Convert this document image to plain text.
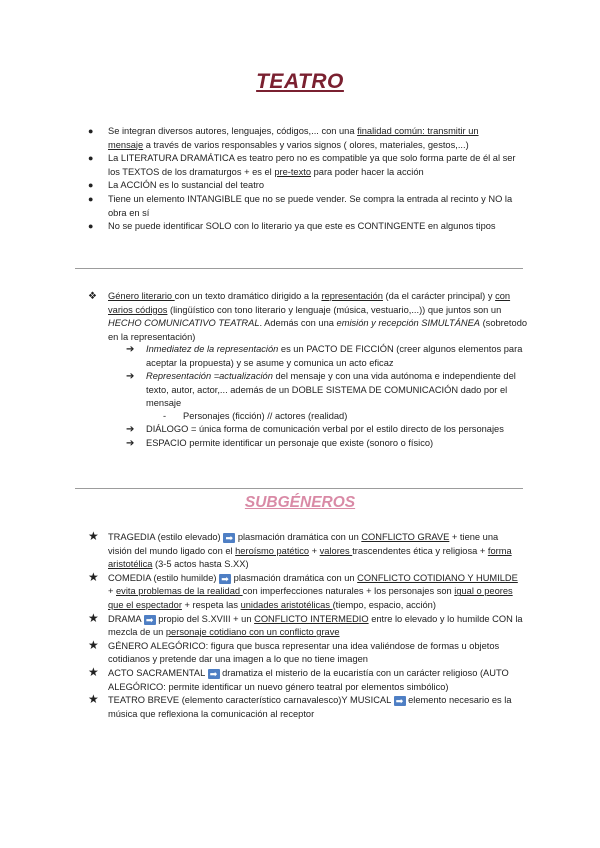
TEATRO
● Se integran diversos autores, lenguajes, códigos,... con una finalidad común: transmitir un mensaje a través de varios responsables y varios signos ( olores, materiales, gestos,...)
● La LITERATURA DRAMÁTICA es teatro pero no es compatible ya que solo forma parte de él al ser los TEXTOS de los dramaturgos + es el pre-texto para poder hacer la acción
● La ACCIÓN es lo sustancial del teatro
● Tiene un elemento INTANGIBLE que no se puede vender. Se compra la entrada al recinto y NO la obra en sí
● No se puede identificar SOLO con lo literario ya que este es CONTINGENTE en algunos tipos
❖ Género literario con un texto dramático dirigido a la representación (da el carácter principal) y con varios códigos (lingüístico con tono literario y lenguaje (música, vestuario,...)) que juntos son un HECHO COMUNICATIVO TEATRAL. Además con una emisión y recepción SIMULTÁNEA (sobretodo en la representación)
➔ Inmediatez de la representación es un PACTO DE FICCIÓN (creer algunos elementos para aceptar la propuesta) y se asume y comunica un acto eficaz
➔ Representación =actualización del mensaje y con una vida autónoma e independiente del texto, autor, actor,... además de un DOBLE SISTEMA DE COMUNICACIÓN dado por el mensaje
- Personajes (ficción) // actores (realidad)
➔ DIÁLOGO = única forma de comunicación verbal por el estilo directo de los personajes
➔ ESPACIO permite identificar un personaje que existe (sonoro o físico)
SUBGÉNEROS
★ TRAGEDIA (estilo elevado) ➡ plasmación dramática con un CONFLICTO GRAVE + tiene una visión del mundo ligado con el heroísmo patético + valores trascendentes ética y religiosa + forma aristotélica (3-5 actos hasta S.XX)
★ COMEDIA (estilo humilde) ➡ plasmación dramática con un CONFLICTO COTIDIANO Y HUMILDE + evita problemas de la realidad con imperfecciones naturales + los personajes son igual o peores que el espectador + respeta las unidades aristotélicas (tiempo, espacio, acción)
★ DRAMA ➡ propio del S.XVIII + un CONFLICTO INTERMEDIO entre lo elevado y lo humilde CON la mezcla de un personaje cotidiano con un conflicto grave
★ GÉNERO ALEGÓRICO: figura que busca representar una idea valiéndose de formas u objetos cotidianos y pretende dar una imagen a lo que no tiene imagen
★ ACTO SACRAMENTAL ➡ dramatiza el misterio de la eucaristía con un carácter religioso (AUTO ALEGÓRICO: permite identificar un nuevo género teatral por elementos simbólico)
★ TEATRO BREVE (elemento característico carnavalesco)Y MUSICAL ➡ elemento necesario es la música que reflexiona la comunicación al receptor
